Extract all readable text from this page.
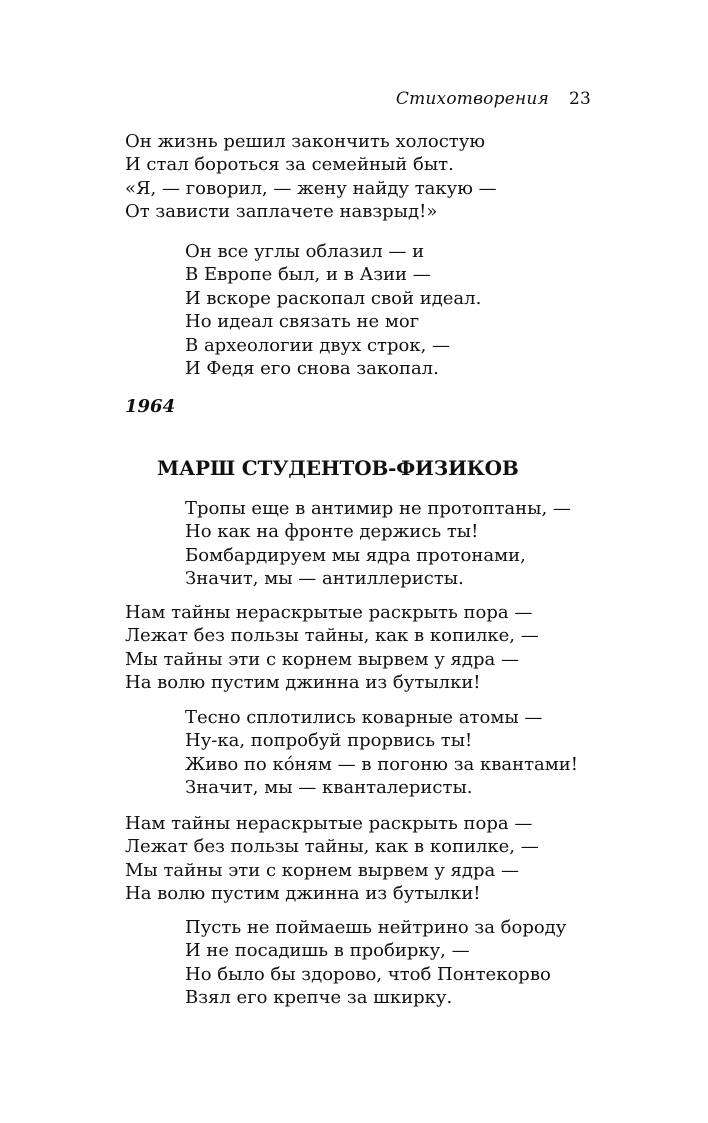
Стихотворения 23
Он жизнь решил закончить холостую
И стал бороться за семейный быт.
«Я, — говорил, — жену найду такую —
От зависти заплачете навзрыд!»
Он все углы облазил — и
В Европе был, и в Азии —
И вскоре раскопал свой идеал.
Но идеал связать не мог
В археологии двух строк, —
И Федя его снова закопал.
1964
МАРШ СТУДЕНТОВ-ФИЗИКОВ
Тропы еще в антимир не протоптаны, —
Но как на фронте держись ты!
Бомбардируем мы ядра протонами,
Значит, мы — антиллеристы.
Нам тайны нераскрытые раскрыть пора —
Лежат без пользы тайны, как в копилке, —
Мы тайны эти с корнем вырвем у ядра —
На волю пустим джинна из бутылки!
Тесно сплотились коварные атомы —
Ну-ка, попробуй прорвись ты!
Живо по ко́ням — в погоню за квантами!
Значит, мы — кванталеристы.
Нам тайны нераскрытые раскрыть пора —
Лежат без пользы тайны, как в копилке, —
Мы тайны эти с корнем вырвем у ядра —
На волю пустим джинна из бутылки!
Пусть не поймаешь нейтрино за бороду
И не посадишь в пробирку, —
Но было бы здорово, чтоб Понтекорво
Взял его крепче за шкирку.
